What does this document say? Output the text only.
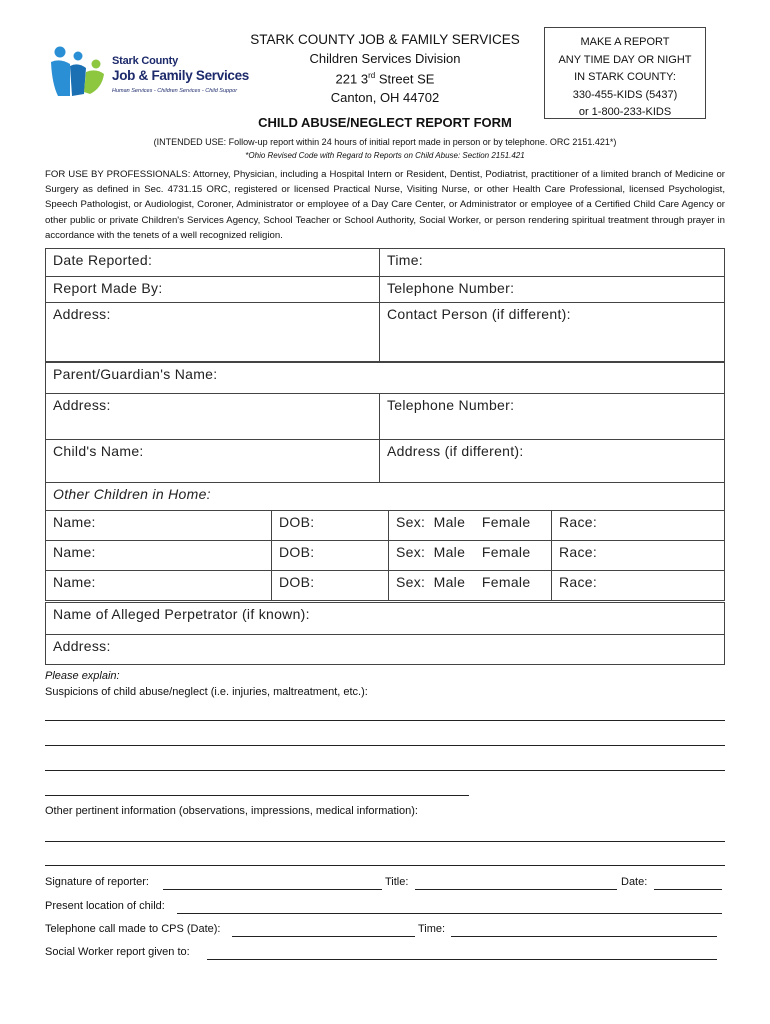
Stark County
Job & Family Services
Human Services - Children Services - Child Suppor
STARK COUNTY JOB & FAMILY SERVICES
Children Services Division
221 3rd Street SE
Canton, OH 44702
CHILD ABUSE/NEGLECT REPORT FORM
MAKE A REPORT
ANY TIME DAY OR NIGHT
IN STARK COUNTY:
330-455-KIDS (5437)
or 1-800-233-KIDS
(INTENDED USE: Follow-up report within 24 hours of initial report made in person or by telephone. ORC 2151.421*)
*Ohio Revised Code with Regard to Reports on Child Abuse: Section 2151.421
FOR USE BY PROFESSIONALS: Attorney, Physician, including a Hospital Intern or Resident, Dentist, Podiatrist, practitioner of a limited branch of Medicine or Surgery as defined in Sec. 4731.15 ORC, registered or licensed Practical Nurse, Visiting Nurse, or other Health Care Professional, licensed Psychologist, Speech Pathologist, or Audiologist, Coroner, Administrator or employee of a Day Care Center, or Administrator or employee of a Certified Child Care Agency or other public or private Children's Services Agency, School Teacher or School Authority, Social Worker, or person rendering spiritual treatment through prayer in accordance with the tenets of a well recognized religion.
Date Reported:	Time:
Report Made By:	Telephone Number:
Address:	Contact Person (if different):
Parent/Guardian's Name:	
Address:	Telephone Number:
Child's Name:	Address (if different):
Other Children in Home:			
Name:	DOB:	Sex: Male Female	Race:
Name:	DOB:	Sex: Male Female	Race:
Name:	DOB:	Sex: Male Female	Race:
Name of Alleged Perpetrator (if known):
Address:
Please explain:
Suspicions of child abuse/neglect (i.e. injuries, maltreatment, etc.):
Other pertinent information (observations, impressions, medical information):
Signature of reporter:	Title:	Date:
Present location of child:
Telephone call made to CPS (Date):	Time:
Social Worker report given to:
